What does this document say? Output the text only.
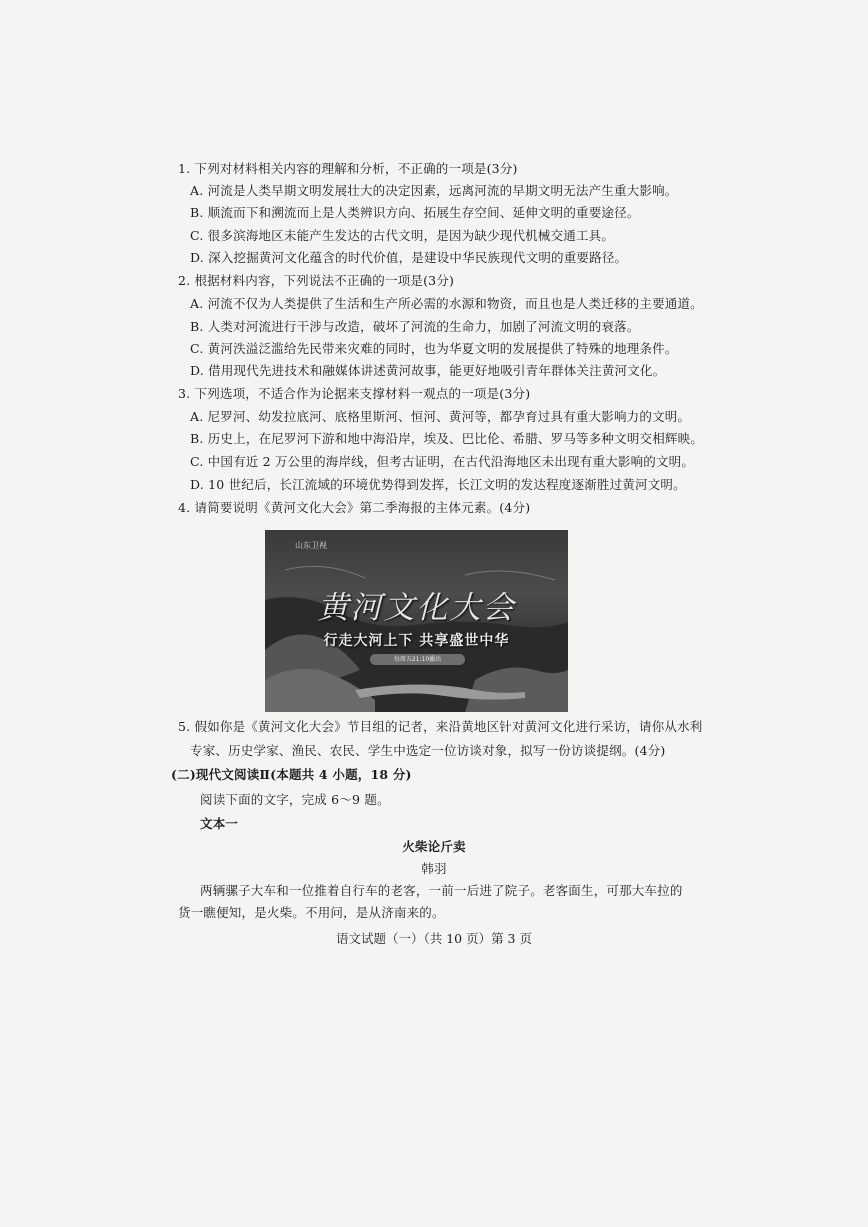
1. 下列对材料相关内容的理解和分析，不正确的一项是(3分)
A. 河流是人类早期文明发展壮大的决定因素，远离河流的早期文明无法产生重大影响。
B. 顺流而下和溯流而上是人类辨识方向、拓展生存空间、延伸文明的重要途径。
C. 很多滨海地区未能产生发达的古代文明，是因为缺少现代机械交通工具。
D. 深入挖掘黄河文化蕴含的时代价值，是建设中华民族现代文明的重要路径。
2. 根据材料内容，下列说法不正确的一项是(3分)
A. 河流不仅为人类提供了生活和生产所必需的水源和物资，而且也是人类迁移的主要通道。
B. 人类对河流进行干涉与改造，破坏了河流的生命力，加剧了河流文明的衰落。
C. 黄河泆溢泛滥给先民带来灾难的同时，也为华夏文明的发展提供了特殊的地理条件。
D. 借用现代先进技术和融媒体讲述黄河故事，能更好地吸引青年群体关注黄河文化。
3. 下列选项，不适合作为论据来支撑材料一观点的一项是(3分)
A. 尼罗河、幼发拉底河、底格里斯河、恒河、黄河等，都孕育过具有重大影响力的文明。
B. 历史上，在尼罗河下游和地中海沿岸，埃及、巴比伦、希腊、罗马等多种文明交相辉映。
C. 中国有近 2 万公里的海岸线，但考古证明，在古代沿海地区未出现有重大影响的文明。
D. 10 世纪后，长江流域的环境优势得到发挥，长江文明的发达程度逐渐胜过黄河文明。
4. 请简要说明《黄河文化大会》第二季海报的主体元素。(4分)
山东卫视
黄河文化大会
行走大河上下 共享盛世中华
每周五21:10播出
5. 假如你是《黄河文化大会》节目组的记者，来沿黄地区针对黄河文化进行采访，请你从水利
专家、历史学家、渔民、农民、学生中选定一位访谈对象，拟写一份访谈提纲。(4分)
(二)现代文阅读Ⅱ(本题共 4 小题，18 分)
阅读下面的文字，完成 6～9 题。
文本一
火柴论斤卖
韩羽
两辆骡子大车和一位推着自行车的老客，一前一后进了院子。老客面生，可那大车拉的
货一瞧便知，是火柴。不用问，是从济南来的。
语文试题（一）（共 10 页）第 3 页
